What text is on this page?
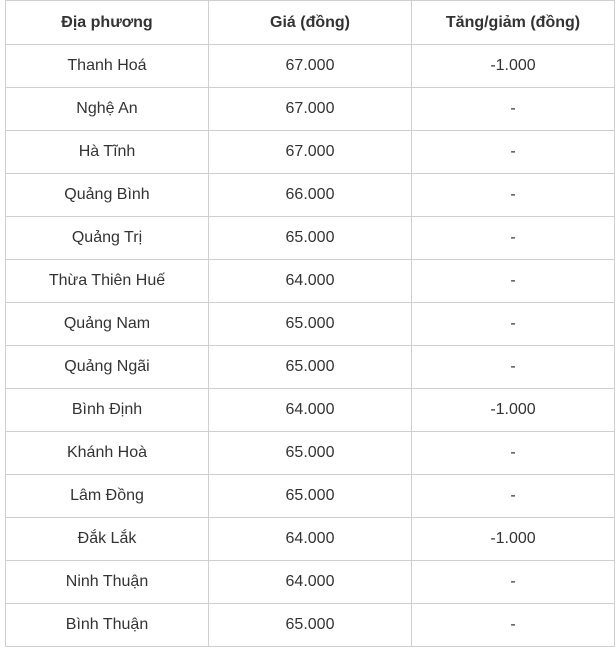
Địa phương	Giá (đồng)	Tăng/giảm (đồng)
Thanh Hoá	67.000	-1.000
Nghệ An	67.000	-
Hà Tĩnh	67.000	-
Quảng Bình	66.000	-
Quảng Trị	65.000	-
Thừa Thiên Huế	64.000	-
Quảng Nam	65.000	-
Quảng Ngãi	65.000	-
Bình Định	64.000	-1.000
Khánh Hoà	65.000	-
Lâm Đồng	65.000	-
Đắk Lắk	64.000	-1.000
Ninh Thuận	64.000	-
Bình Thuận	65.000	-
